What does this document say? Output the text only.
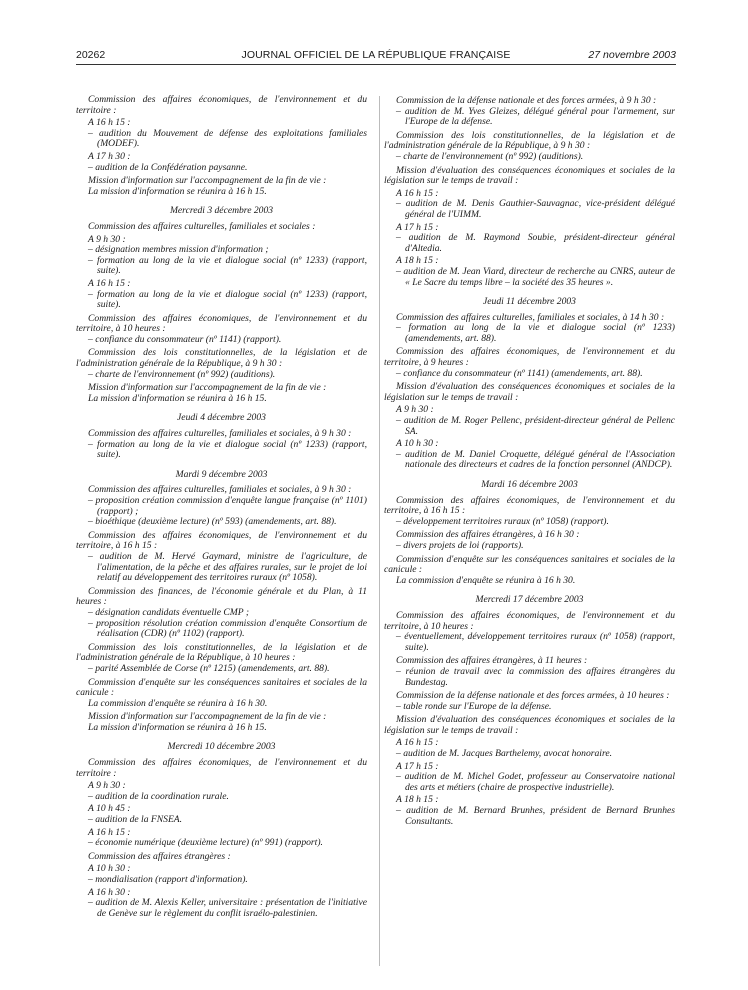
20262	JOURNAL OFFICIEL DE LA RÉPUBLIQUE FRANÇAISE	27 novembre 2003

Commission des affaires économiques, de l'environnement et du territoire :

A 16 h 15 :

– audition du Mouvement de défense des exploitations familiales (MODEF).

A 17 h 30 :

– audition de la Confédération paysanne.

Mission d'information sur l'accompagnement de la fin de vie :

La mission d'information se réunira à 16 h 15.

Mercredi 3 décembre 2003

Commission des affaires culturelles, familiales et sociales :

A 9 h 30 :

– désignation membres mission d'information ;

– formation au long de la vie et dialogue social (nº 1233) (rapport, suite).

A 16 h 15 :

– formation au long de la vie et dialogue social (nº 1233) (rapport, suite).

Commission des affaires économiques, de l'environnement et du territoire, à 10 heures :

– confiance du consommateur (nº 1141) (rapport).

Commission des lois constitutionnelles, de la législation et de l'administration générale de la République, à 9 h 30 :

– charte de l'environnement (nº 992) (auditions).

Mission d'information sur l'accompagnement de la fin de vie :

La mission d'information se réunira à 16 h 15.

Jeudi 4 décembre 2003

Commission des affaires culturelles, familiales et sociales, à 9 h 30 :

– formation au long de la vie et dialogue social (nº 1233) (rapport, suite).

Mardi 9 décembre 2003

Commission des affaires culturelles, familiales et sociales, à 9 h 30 :

– proposition création commission d'enquête langue française (nº 1101) (rapport) ;

– bioéthique (deuxième lecture) (nº 593) (amendements, art. 88).

Commission des affaires économiques, de l'environnement et du territoire, à 16 h 15 :

– audition de M. Hervé Gaymard, ministre de l'agriculture, de l'alimentation, de la pêche et des affaires rurales, sur le projet de loi relatif au développement des territoires ruraux (nº 1058).

Commission des finances, de l'économie générale et du Plan, à 11 heures :

– désignation candidats éventuelle CMP ;

– proposition résolution création commission d'enquête Consortium de réalisation (CDR) (nº 1102) (rapport).

Commission des lois constitutionnelles, de la législation et de l'administration générale de la République, à 10 heures :

– parité Assemblée de Corse (nº 1215) (amendements, art. 88).

Commission d'enquête sur les conséquences sanitaires et sociales de la canicule :

La commission d'enquête se réunira à 16 h 30.

Mission d'information sur l'accompagnement de la fin de vie :

La mission d'information se réunira à 16 h 15.

Mercredi 10 décembre 2003

Commission des affaires économiques, de l'environnement et du territoire :

A 9 h 30 :

– audition de la coordination rurale.

A 10 h 45 :

– audition de la FNSEA.

A 16 h 15 :

– économie numérique (deuxième lecture) (nº 991) (rapport).

Commission des affaires étrangères :

A 10 h 30 :

– mondialisation (rapport d'information).

A 16 h 30 :

– audition de M. Alexis Keller, universitaire : présentation de l'initiative de Genève sur le règlement du conflit israélo-palestinien.

Commission de la défense nationale et des forces armées, à 9 h 30 :

– audition de M. Yves Gleizes, délégué général pour l'armement, sur l'Europe de la défense.

Commission des lois constitutionnelles, de la législation et de l'administration générale de la République, à 9 h 30 :

– charte de l'environnement (nº 992) (auditions).

Mission d'évaluation des conséquences économiques et sociales de la législation sur le temps de travail :

A 16 h 15 :

– audition de M. Denis Gauthier-Sauvagnac, vice-président délégué général de l'UIMM.

A 17 h 15 :

– audition de M. Raymond Soubie, président-directeur général d'Altedia.

A 18 h 15 :

– audition de M. Jean Viard, directeur de recherche au CNRS, auteur de « Le Sacre du temps libre – la société des 35 heures ».

Jeudi 11 décembre 2003

Commission des affaires culturelles, familiales et sociales, à 14 h 30 :

– formation au long de la vie et dialogue social (nº 1233) (amendements, art. 88).

Commission des affaires économiques, de l'environnement et du territoire, à 9 heures :

– confiance du consommateur (nº 1141) (amendements, art. 88).

Mission d'évaluation des conséquences économiques et sociales de la législation sur le temps de travail :

A 9 h 30 :

– audition de M. Roger Pellenc, président-directeur général de Pellenc SA.

A 10 h 30 :

– audition de M. Daniel Croquette, délégué général de l'Association nationale des directeurs et cadres de la fonction personnel (ANDCP).

Mardi 16 décembre 2003

Commission des affaires économiques, de l'environnement et du territoire, à 16 h 15 :

– développement territoires ruraux (nº 1058) (rapport).

Commission des affaires étrangères, à 16 h 30 :

– divers projets de loi (rapports).

Commission d'enquête sur les conséquences sanitaires et sociales de la canicule :

La commission d'enquête se réunira à 16 h 30.

Mercredi 17 décembre 2003

Commission des affaires économiques, de l'environnement et du territoire, à 10 heures :

– éventuellement, développement territoires ruraux (nº 1058) (rapport, suite).

Commission des affaires étrangères, à 11 heures :

– réunion de travail avec la commission des affaires étrangères du Bundestag.

Commission de la défense nationale et des forces armées, à 10 heures :

– table ronde sur l'Europe de la défense.

Mission d'évaluation des conséquences économiques et sociales de la législation sur le temps de travail :

A 16 h 15 :

– audition de M. Jacques Barthelemy, avocat honoraire.

A 17 h 15 :

– audition de M. Michel Godet, professeur au Conservatoire national des arts et métiers (chaire de prospective industrielle).

A 18 h 15 :

– audition de M. Bernard Brunhes, président de Bernard Brunhes Consultants.
